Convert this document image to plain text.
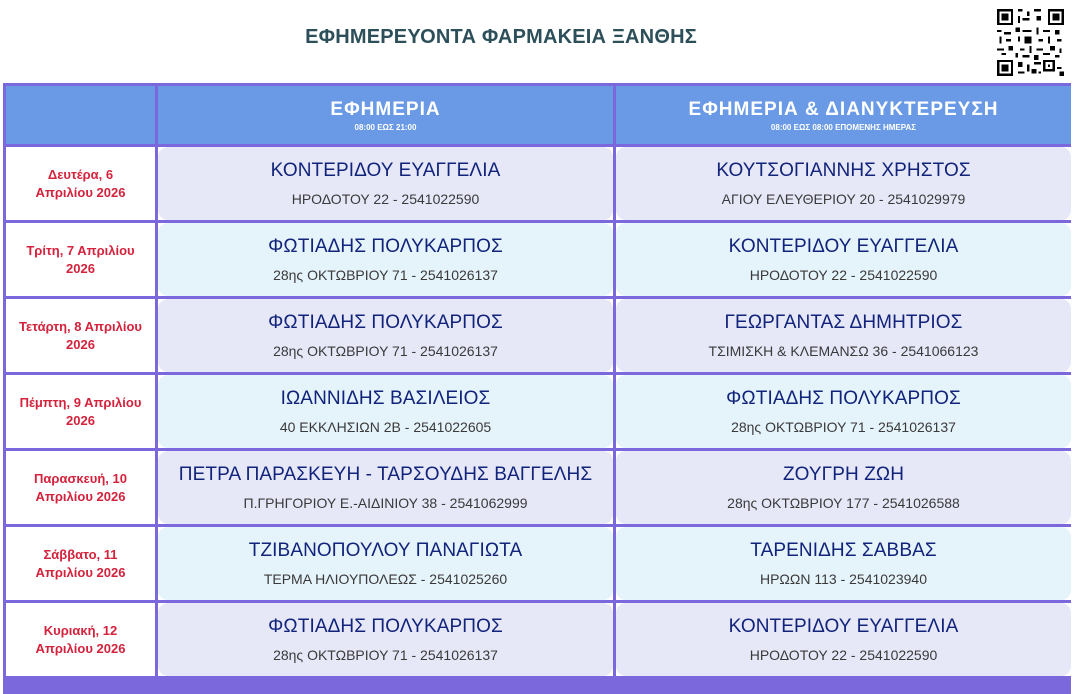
ΕΦΗΜΕΡΕΥΟΝΤΑ ΦΑΡΜΑΚΕΙΑ ΞΑΝΘΗΣ
ΕΦΗΜΕΡΙΑ
08:00 ΕΩΣ 21:00
ΕΦΗΜΕΡΙΑ & ΔΙΑΝΥΚΤΕΡΕΥΣΗ
08:00 ΕΩΣ 08:00 ΕΠΟΜΕΝΗΣ ΗΜΕΡΑΣ
Δευτέρα, 6 Απριλίου 2026
ΚΟΝΤΕΡΙΔΟΥ ΕΥΑΓΓΕΛΙΑ
ΗΡΟΔΟΤΟΥ 22 - 2541022590
ΚΟΥΤΣΟΓΙΑΝΝΗΣ ΧΡΗΣΤΟΣ
ΑΓΙΟΥ ΕΛΕΥΘΕΡΙΟΥ 20 - 2541029979
Τρίτη, 7 Απριλίου 2026
ΦΩΤΙΑΔΗΣ ΠΟΛΥΚΑΡΠΟΣ
28ης ΟΚΤΩΒΡΙΟΥ 71 - 2541026137
ΚΟΝΤΕΡΙΔΟΥ ΕΥΑΓΓΕΛΙΑ
ΗΡΟΔΟΤΟΥ 22 - 2541022590
Τετάρτη, 8 Απριλίου 2026
ΦΩΤΙΑΔΗΣ ΠΟΛΥΚΑΡΠΟΣ
28ης ΟΚΤΩΒΡΙΟΥ 71 - 2541026137
ΓΕΩΡΓΑΝΤΑΣ ΔΗΜΗΤΡΙΟΣ
ΤΣΙΜΙΣΚΗ & ΚΛΕΜΑΝΣΩ 36 - 2541066123
Πέμπτη, 9 Απριλίου 2026
ΙΩΑΝΝΙΔΗΣ ΒΑΣΙΛΕΙΟΣ
40 ΕΚΚΛΗΣΙΩΝ 2Β - 2541022605
ΦΩΤΙΑΔΗΣ ΠΟΛΥΚΑΡΠΟΣ
28ης ΟΚΤΩΒΡΙΟΥ 71 - 2541026137
Παρασκευή, 10 Απριλίου 2026
ΠΕΤΡΑ ΠΑΡΑΣΚΕΥΗ - ΤΑΡΣΟΥΔΗΣ ΒΑΓΓΕΛΗΣ
Π.ΓΡΗΓΟΡΙΟΥ Ε.-ΑΙΔΙΝΙΟΥ 38 - 2541062999
ΖΟΥΓΡΗ ΖΩΗ
28ης ΟΚΤΩΒΡΙΟΥ 177 - 2541026588
Σάββατο, 11 Απριλίου 2026
ΤΖΙΒΑΝΟΠΟΥΛΟΥ ΠΑΝΑΓΙΩΤΑ
ΤΕΡΜΑ ΗΛΙΟΥΠΟΛΕΩΣ - 2541025260
ΤΑΡΕΝΙΔΗΣ ΣΑΒΒΑΣ
ΗΡΩΩΝ 113 - 2541023940
Κυριακή, 12 Απριλίου 2026
ΦΩΤΙΑΔΗΣ ΠΟΛΥΚΑΡΠΟΣ
28ης ΟΚΤΩΒΡΙΟΥ 71 - 2541026137
ΚΟΝΤΕΡΙΔΟΥ ΕΥΑΓΓΕΛΙΑ
ΗΡΟΔΟΤΟΥ 22 - 2541022590
